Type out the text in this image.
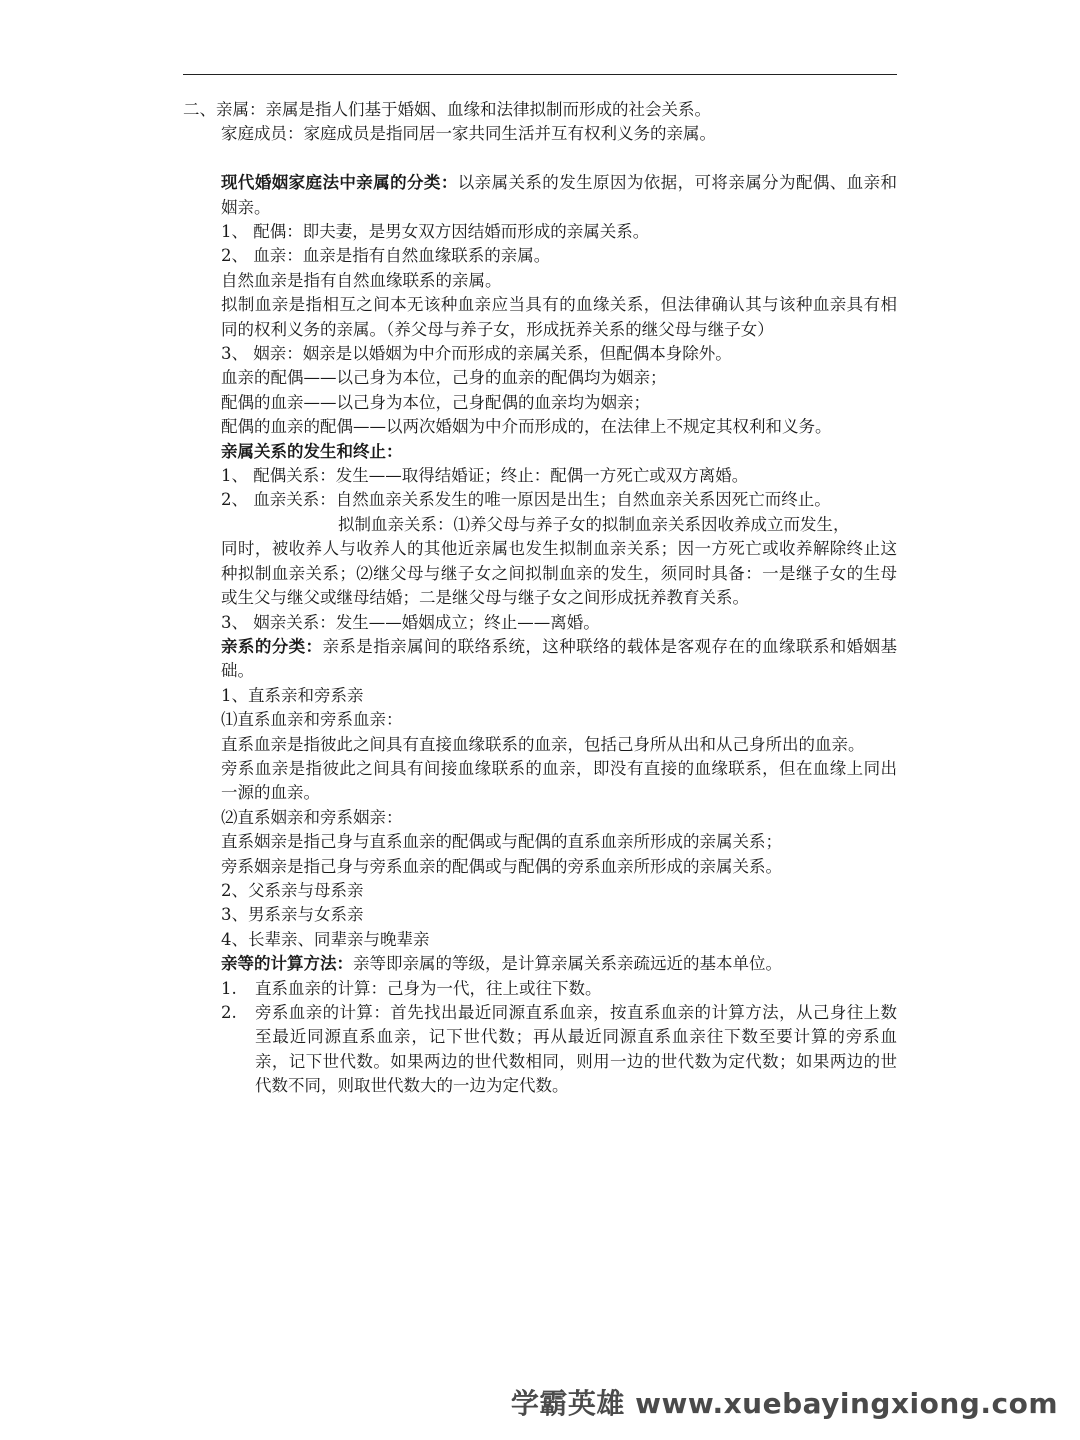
二、亲属：亲属是指人们基于婚姻、血缘和法律拟制而形成的社会关系。

家庭成员：家庭成员是指同居一家共同生活并互有权利义务的亲属。

现代婚姻家庭法中亲属的分类：以亲属关系的发生原因为依据，可将亲属分为配偶、血亲和姻亲。

1、 配偶：即夫妻，是男女双方因结婚而形成的亲属关系。

2、 血亲：血亲是指有自然血缘联系的亲属。

自然血亲是指有自然血缘联系的亲属。

拟制血亲是指相互之间本无该种血亲应当具有的血缘关系，但法律确认其与该种血亲具有相同的权利义务的亲属。（养父母与养子女，形成抚养关系的继父母与继子女）

3、 姻亲：姻亲是以婚姻为中介而形成的亲属关系，但配偶本身除外。

血亲的配偶——以己身为本位，己身的血亲的配偶均为姻亲；

配偶的血亲——以己身为本位，己身配偶的血亲均为姻亲；

配偶的血亲的配偶——以两次婚姻为中介而形成的，在法律上不规定其权利和义务。

亲属关系的发生和终止：

1、 配偶关系：发生——取得结婚证；终止：配偶一方死亡或双方离婚。

2、 血亲关系：自然血亲关系发生的唯一原因是出生；自然血亲关系因死亡而终止。

拟制血亲关系：⑴养父母与养子女的拟制血亲关系因收养成立而发生，

同时，被收养人与收养人的其他近亲属也发生拟制血亲关系；因一方死亡或收养解除终止这种拟制血亲关系；⑵继父母与继子女之间拟制血亲的发生，须同时具备：一是继子女的生母或生父与继父或继母结婚；二是继父母与继子女之间形成抚养教育关系。

3、 姻亲关系：发生——婚姻成立；终止——离婚。

亲系的分类：亲系是指亲属间的联络系统，这种联络的载体是客观存在的血缘联系和婚姻基础。

1、直系亲和旁系亲

⑴直系血亲和旁系血亲：

直系血亲是指彼此之间具有直接血缘联系的血亲，包括己身所从出和从己身所出的血亲。

旁系血亲是指彼此之间具有间接血缘联系的血亲，即没有直接的血缘联系，但在血缘上同出一源的血亲。

⑵直系姻亲和旁系姻亲：

直系姻亲是指己身与直系血亲的配偶或与配偶的直系血亲所形成的亲属关系；

旁系姻亲是指己身与旁系血亲的配偶或与配偶的旁系血亲所形成的亲属关系。

2、父系亲与母系亲

3、男系亲与女系亲

4、长辈亲、同辈亲与晚辈亲

亲等的计算方法：亲等即亲属的等级，是计算亲属关系亲疏远近的基本单位。

1.	直系血亲的计算：己身为一代，往上或往下数。
2.	旁系血亲的计算：首先找出最近同源直系血亲，按直系血亲的计算方法，从己身往上数至最近同源直系血亲，记下世代数；再从最近同源直系血亲往下数至要计算的旁系血亲，记下世代数。如果两边的世代数相同，则用一边的世代数为定代数；如果两边的世代数不同，则取世代数大的一边为定代数。
学霸英雄 www.xuebayingxiong.com
